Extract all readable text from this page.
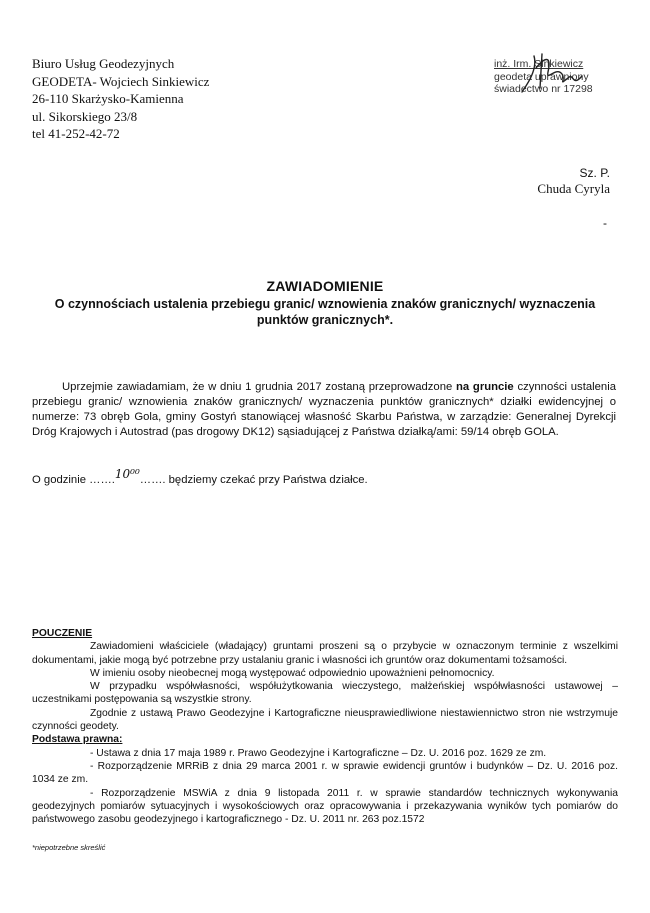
Biuro Usług Geodezyjnych
GEODETA- Wojciech Sinkiewicz
26-110 Skarżysko-Kamienna
ul. Sikorskiego 23/8
tel 41-252-42-72
inż. Irm. Sinkiewicz
geodeta uprawniony
świadectwo nr 17298
Sz. P.
Chuda Cyryla
-
ZAWIADOMIENIE
O czynnościach ustalenia przebiegu granic/ wznowienia znaków granicznych/ wyznaczenia punktów granicznych*.
Uprzejmie zawiadamiam, że w dniu 1 grudnia 2017 zostaną przeprowadzone na gruncie czynności ustalenia przebiegu granic/ wznowienia znaków granicznych/ wyznaczenia punktów granicznych* działki ewidencyjnej o numerze: 73 obręb Gola, gminy Gostyń stanowiącej własność Skarbu Państwa, w zarządzie: Generalnej Dyrekcji Dróg Krajowych i Autostrad (pas drogowy DK12) sąsiadującej z Państwa działką/ami: 59/14 obręb GOLA.
O godzinie …….10⁰⁰……. będziemy czekać przy Państwa działce.
POUCZENIE
Zawiadomieni właściciele (władający) gruntami proszeni są o przybycie w oznaczonym terminie z wszelkimi dokumentami, jakie mogą być potrzebne przy ustalaniu granic i własności ich gruntów oraz dokumentami tożsamości.
W imieniu osoby nieobecnej mogą występować odpowiednio upoważnieni pełnomocnicy.
W przypadku współwłasności, współużytkowania wieczystego, małżeńskiej współwłasności ustawowej – uczestnikami postępowania są wszystkie strony.
Zgodnie z ustawą Prawo Geodezyjne i Kartograficzne nieusprawiedliwione niestawiennictwo stron nie wstrzymuje czynności geodety.
Podstawa prawna:
- Ustawa z dnia 17 maja 1989 r. Prawo Geodezyjne i Kartograficzne – Dz. U. 2016 poz. 1629 ze zm.
- Rozporządzenie MRRiB z dnia 29 marca 2001 r. w sprawie ewidencji gruntów i budynków – Dz. U. 2016 poz. 1034 ze zm.
- Rozporządzenie MSWiA z dnia 9 listopada 2011 r. w sprawie standardów technicznych wykonywania geodezyjnych pomiarów sytuacyjnych i wysokościowych oraz opracowywania i przekazywania wyników tych pomiarów do państwowego zasobu geodezyjnego i kartograficznego - Dz. U. 2011 nr. 263 poz.1572
*niepotrzebne skreślić
